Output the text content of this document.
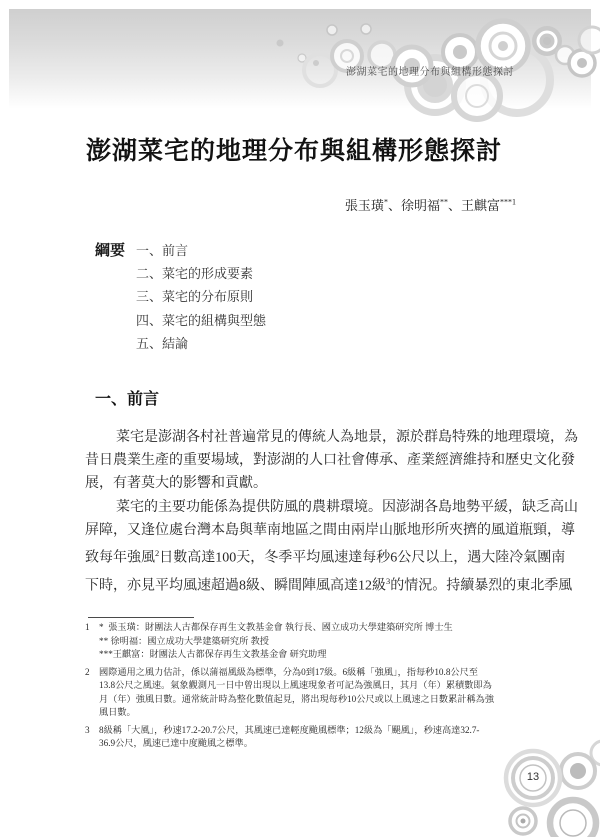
澎湖菜宅的地理分布與組構形態探討
澎湖菜宅的地理分布與組構形態探討
張玉璜*、徐明福**、王麒富$^{***1}$
綱要 一、前言
二、菜宅的形成要素
三、菜宅的分布原則
四、菜宅的組構與型態
五、結論
一、前言
菜宅是澎湖各村社普遍常見的傳統人為地景，源於群島特殊的地理環境，為
昔日農業生產的重要場域，對澎湖的人口社會傳承、產業經濟維持和歷史文化發
展，有著莫大的影響和貢獻。
菜宅的主要功能係為提供防風的農耕環境。因澎湖各島地勢平緩，缺乏高山
屏障，又逢位處台灣本島與華南地區之間由兩岸山脈地形所夾擠的風道瓶頸，導
致每年強風$^2$日數高達100天，冬季平均風速達每秒6公尺以上，遇大陸冷氣團南
下時，亦見平均風速超過8級、瞬間陣風高達12級$^3$的情況。持續暴烈的東北季風
1	*  張玉璜：財團法人古都保存再生文教基金會 執行長、國立成功大學建築研究所 博士生
** 徐明福：國立成功大學建築研究所 教授
***王麒富：財團法人古都保存再生文教基金會 研究助理
2	國際通用之風力估計，係以蒲福風級為標準，分為0到17級。6級稱「強風」，指每秒10.8公尺至
13.8公尺之風速。氣象觀測凡一日中曾出現以上風速現象者可記為強風日，其月（年）累積數即為
月（年）強風日數。通常統計時為整化數值起見，將出現每秒10公尺或以上風速之日數累計稱為強
風日數。
3	8級稱「大風」，秒速17.2-20.7公尺，其風速已達輕度颱風標準；12級為「颶風」，秒速高達32.7-
36.9公尺，風速已達中度颱風之標準。
13
